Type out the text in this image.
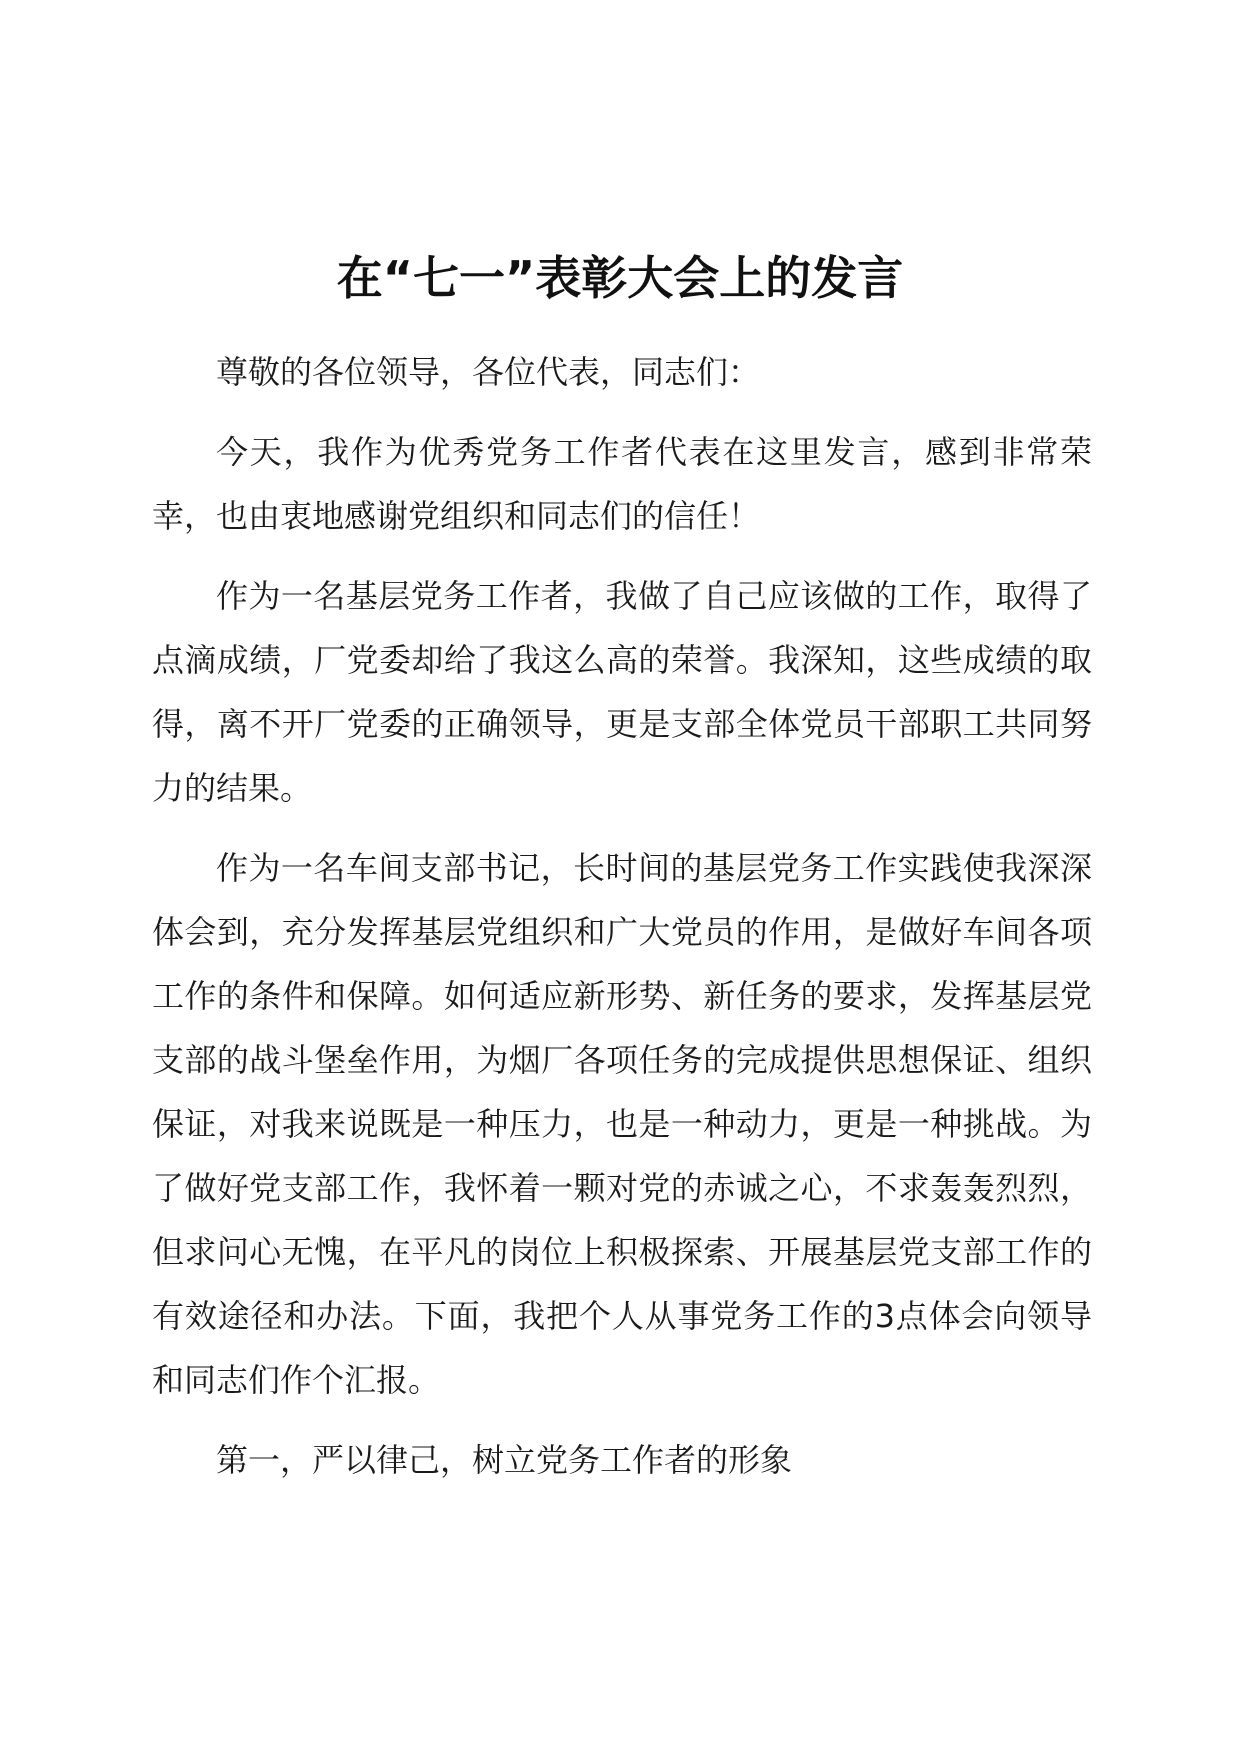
在“七一”表彰大会上的发言

尊敬的各位领导，各位代表，同志们：

今天，我作为优秀党务工作者代表在这里发言，感到非常荣幸，也由衷地感谢党组织和同志们的信任！

作为一名基层党务工作者，我做了自己应该做的工作，取得了点滴成绩，厂党委却给了我这么高的荣誉。我深知，这些成绩的取得，离不开厂党委的正确领导，更是支部全体党员干部职工共同努力的结果。

作为一名车间支部书记，长时间的基层党务工作实践使我深深体会到，充分发挥基层党组织和广大党员的作用，是做好车间各项工作的条件和保障。如何适应新形势、新任务的要求，发挥基层党支部的战斗堡垒作用，为烟厂各项任务的完成提供思想保证、组织保证，对我来说既是一种压力，也是一种动力，更是一种挑战。为了做好党支部工作，我怀着一颗对党的赤诚之心，不求轰轰烈烈，但求问心无愧，在平凡的岗位上积极探索、开展基层党支部工作的有效途径和办法。下面，我把个人从事党务工作的3点体会向领导和同志们作个汇报。

第一，严以律己，树立党务工作者的形象
